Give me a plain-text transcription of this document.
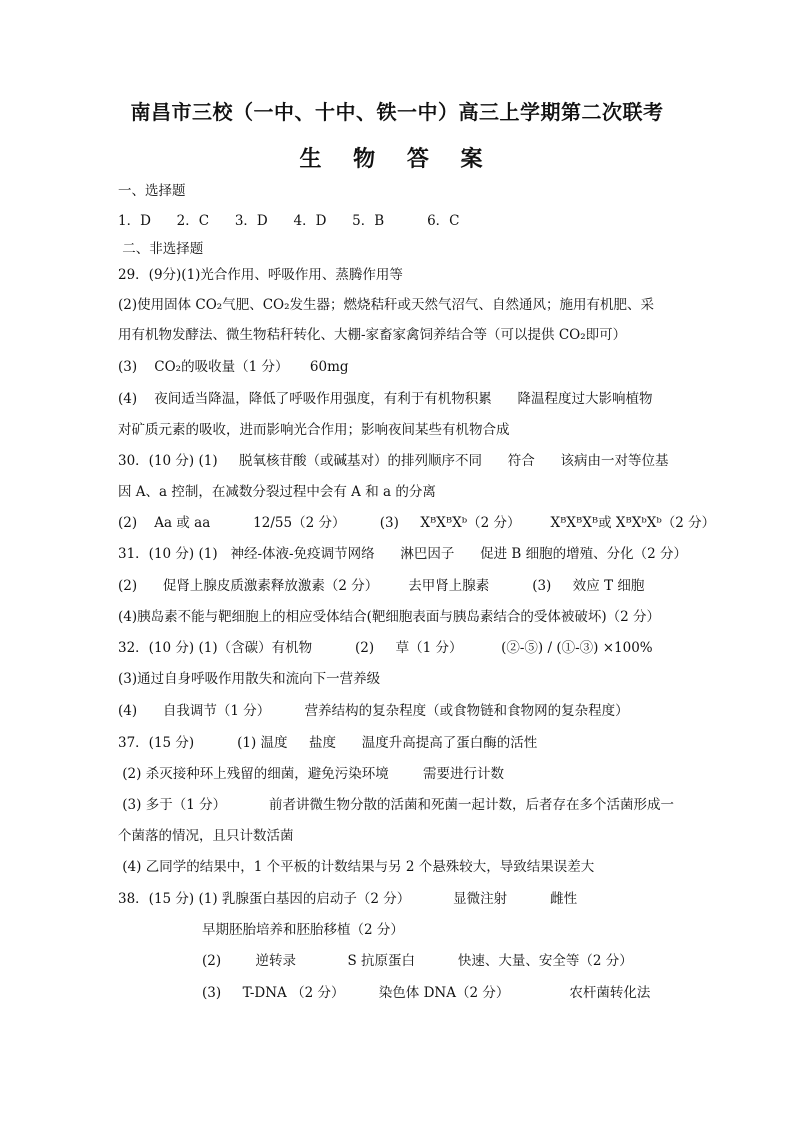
南昌市三校（一中、十中、铁一中）高三上学期第二次联考
生 物 答 案
一、选择题
1．D      2．C      3．D      4．D      5．B          6．C
二、非选择题
29．(9分)(1)光合作用、呼吸作用、蒸腾作用等
(2)使用固体 CO₂气肥、CO₂发生器；燃烧秸秆或天然气沼气、自然通风；施用有机肥、采
用有机物发酵法、微生物秸秆转化、大棚-家畜家禽饲养结合等（可以提供 CO₂即可）
(3)    CO₂的吸收量（1 分）     60mg
(4)    夜间适当降温，降低了呼吸作用强度，有利于有机物积累      降温程度过大影响植物
对矿质元素的吸收，进而影响光合作用；影响夜间某些有机物合成
30．(10 分) (1)     脱氧核苷酸（或碱基对）的排列顺序不同      符合      该病由一对等位基
因 A、a 控制，在减数分裂过程中会有 A 和 a 的分离
(2)    Aa 或 aa          12/55（2 分）        (3)     XᴮXᴮXᵇ（2 分）       XᴮXᴮXᴮ或 XᴮXᵇXᵇ（2 分）
31．(10 分) (1)   神经-体液-免疫调节网络      淋巴因子      促进 B 细胞的增殖、分化（2 分）
(2)      促肾上腺皮质激素释放激素（2 分）       去甲肾上腺素          (3)     效应 T 细胞
(4)胰岛素不能与靶细胞上的相应受体结合(靶细胞表面与胰岛素结合的受体被破坏)（2 分）
32．(10 分) (1)（含碳）有机物          (2)     草（1 分）         (②-⑤) / (①-③) ×100%
(3)通过自身呼吸作用散失和流向下一营养级
(4)      自我调节（1 分）        营养结构的复杂程度（或食物链和食物网的复杂程度）
37．(15 分)          (1) 温度     盐度      温度升高提高了蛋白酶的活性
(2) 杀灭接种环上残留的细菌，避免污染环境        需要进行计数
(3) 多于（1 分）          前者讲微生物分散的活菌和死菌一起计数，后者存在多个活菌形成一
个菌落的情况，且只计数活菌
(4) 乙同学的结果中，1 个平板的计数结果与另 2 个悬殊较大，导致结果误差大
38．(15 分) (1) 乳腺蛋白基因的启动子（2 分）          显微注射          雌性
早期胚胎培养和胚胎移植（2 分）
(2)        逆转录            S 抗原蛋白          快速、大量、安全等（2 分）
(3)     T-DNA （2 分）        染色体 DNA（2 分）              农杆菌转化法
